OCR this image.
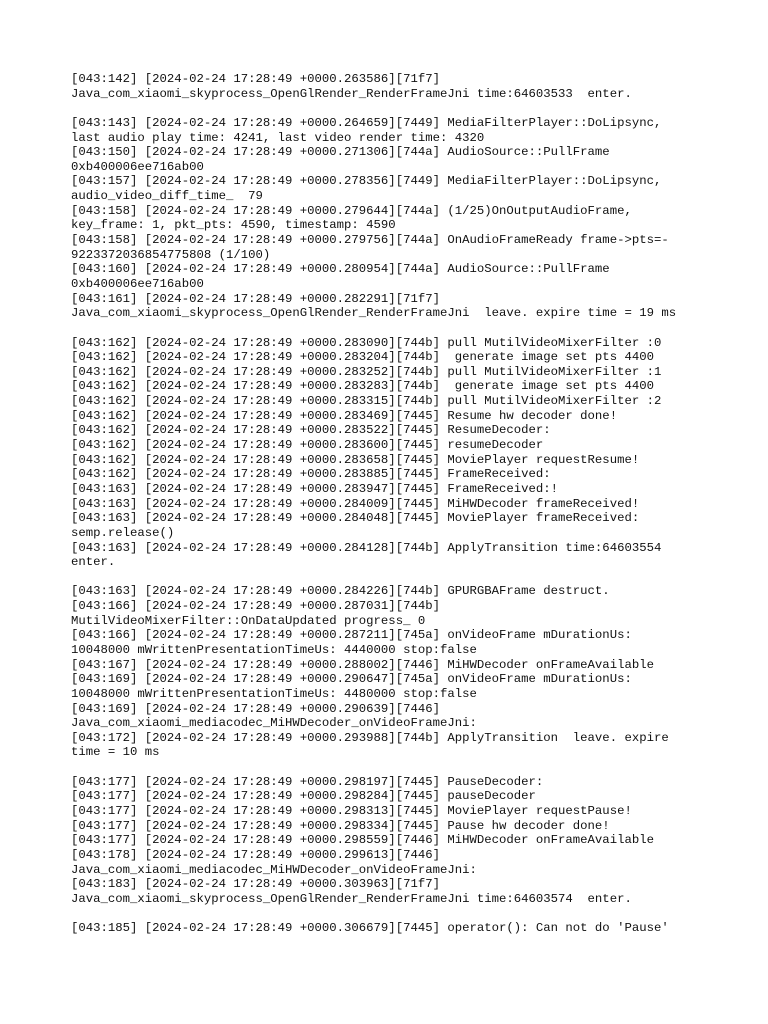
[043:142] [2024-02-24 17:28:49 +0000.263586][71f7]
Java_com_xiaomi_skyprocess_OpenGlRender_RenderFrameJni time:64603533  enter.
[043:143] [2024-02-24 17:28:49 +0000.264659][7449] MediaFilterPlayer::DoLipsync,
last audio play time: 4241, last video render time: 4320
[043:150] [2024-02-24 17:28:49 +0000.271306][744a] AudioSource::PullFrame
0xb400006ee716ab00
[043:157] [2024-02-24 17:28:49 +0000.278356][7449] MediaFilterPlayer::DoLipsync,
audio_video_diff_time_  79
[043:158] [2024-02-24 17:28:49 +0000.279644][744a] (1/25)OnOutputAudioFrame,
key_frame: 1, pkt_pts: 4590, timestamp: 4590
[043:158] [2024-02-24 17:28:49 +0000.279756][744a] OnAudioFrameReady frame->pts=-
9223372036854775808 (1/100)
[043:160] [2024-02-24 17:28:49 +0000.280954][744a] AudioSource::PullFrame
0xb400006ee716ab00
[043:161] [2024-02-24 17:28:49 +0000.282291][71f7]
Java_com_xiaomi_skyprocess_OpenGlRender_RenderFrameJni  leave. expire time = 19 ms
[043:162] [2024-02-24 17:28:49 +0000.283090][744b] pull MutilVideoMixerFilter :0
[043:162] [2024-02-24 17:28:49 +0000.283204][744b]  generate image set pts 4400
[043:162] [2024-02-24 17:28:49 +0000.283252][744b] pull MutilVideoMixerFilter :1
[043:162] [2024-02-24 17:28:49 +0000.283283][744b]  generate image set pts 4400
[043:162] [2024-02-24 17:28:49 +0000.283315][744b] pull MutilVideoMixerFilter :2
[043:162] [2024-02-24 17:28:49 +0000.283469][7445] Resume hw decoder done!
[043:162] [2024-02-24 17:28:49 +0000.283522][7445] ResumeDecoder:
[043:162] [2024-02-24 17:28:49 +0000.283600][7445] resumeDecoder
[043:162] [2024-02-24 17:28:49 +0000.283658][7445] MoviePlayer requestResume!
[043:162] [2024-02-24 17:28:49 +0000.283885][7445] FrameReceived:
[043:163] [2024-02-24 17:28:49 +0000.283947][7445] FrameReceived:!
[043:163] [2024-02-24 17:28:49 +0000.284009][7445] MiHWDecoder frameReceived!
[043:163] [2024-02-24 17:28:49 +0000.284048][7445] MoviePlayer frameReceived:
semp.release()
[043:163] [2024-02-24 17:28:49 +0000.284128][744b] ApplyTransition time:64603554
enter.
[043:163] [2024-02-24 17:28:49 +0000.284226][744b] GPURGBAFrame destruct.
[043:166] [2024-02-24 17:28:49 +0000.287031][744b]
MutilVideoMixerFilter::OnDataUpdated progress_ 0
[043:166] [2024-02-24 17:28:49 +0000.287211][745a] onVideoFrame mDurationUs:
10048000 mWrittenPresentationTimeUs: 4440000 stop:false
[043:167] [2024-02-24 17:28:49 +0000.288002][7446] MiHWDecoder onFrameAvailable
[043:169] [2024-02-24 17:28:49 +0000.290647][745a] onVideoFrame mDurationUs:
10048000 mWrittenPresentationTimeUs: 4480000 stop:false
[043:169] [2024-02-24 17:28:49 +0000.290639][7446]
Java_com_xiaomi_mediacodec_MiHWDecoder_onVideoFrameJni:
[043:172] [2024-02-24 17:28:49 +0000.293988][744b] ApplyTransition  leave. expire
time = 10 ms
[043:177] [2024-02-24 17:28:49 +0000.298197][7445] PauseDecoder:
[043:177] [2024-02-24 17:28:49 +0000.298284][7445] pauseDecoder
[043:177] [2024-02-24 17:28:49 +0000.298313][7445] MoviePlayer requestPause!
[043:177] [2024-02-24 17:28:49 +0000.298334][7445] Pause hw decoder done!
[043:177] [2024-02-24 17:28:49 +0000.298559][7446] MiHWDecoder onFrameAvailable
[043:178] [2024-02-24 17:28:49 +0000.299613][7446]
Java_com_xiaomi_mediacodec_MiHWDecoder_onVideoFrameJni:
[043:183] [2024-02-24 17:28:49 +0000.303963][71f7]
Java_com_xiaomi_skyprocess_OpenGlRender_RenderFrameJni time:64603574  enter.
[043:185] [2024-02-24 17:28:49 +0000.306679][7445] operator(): Can not do 'Pause'
